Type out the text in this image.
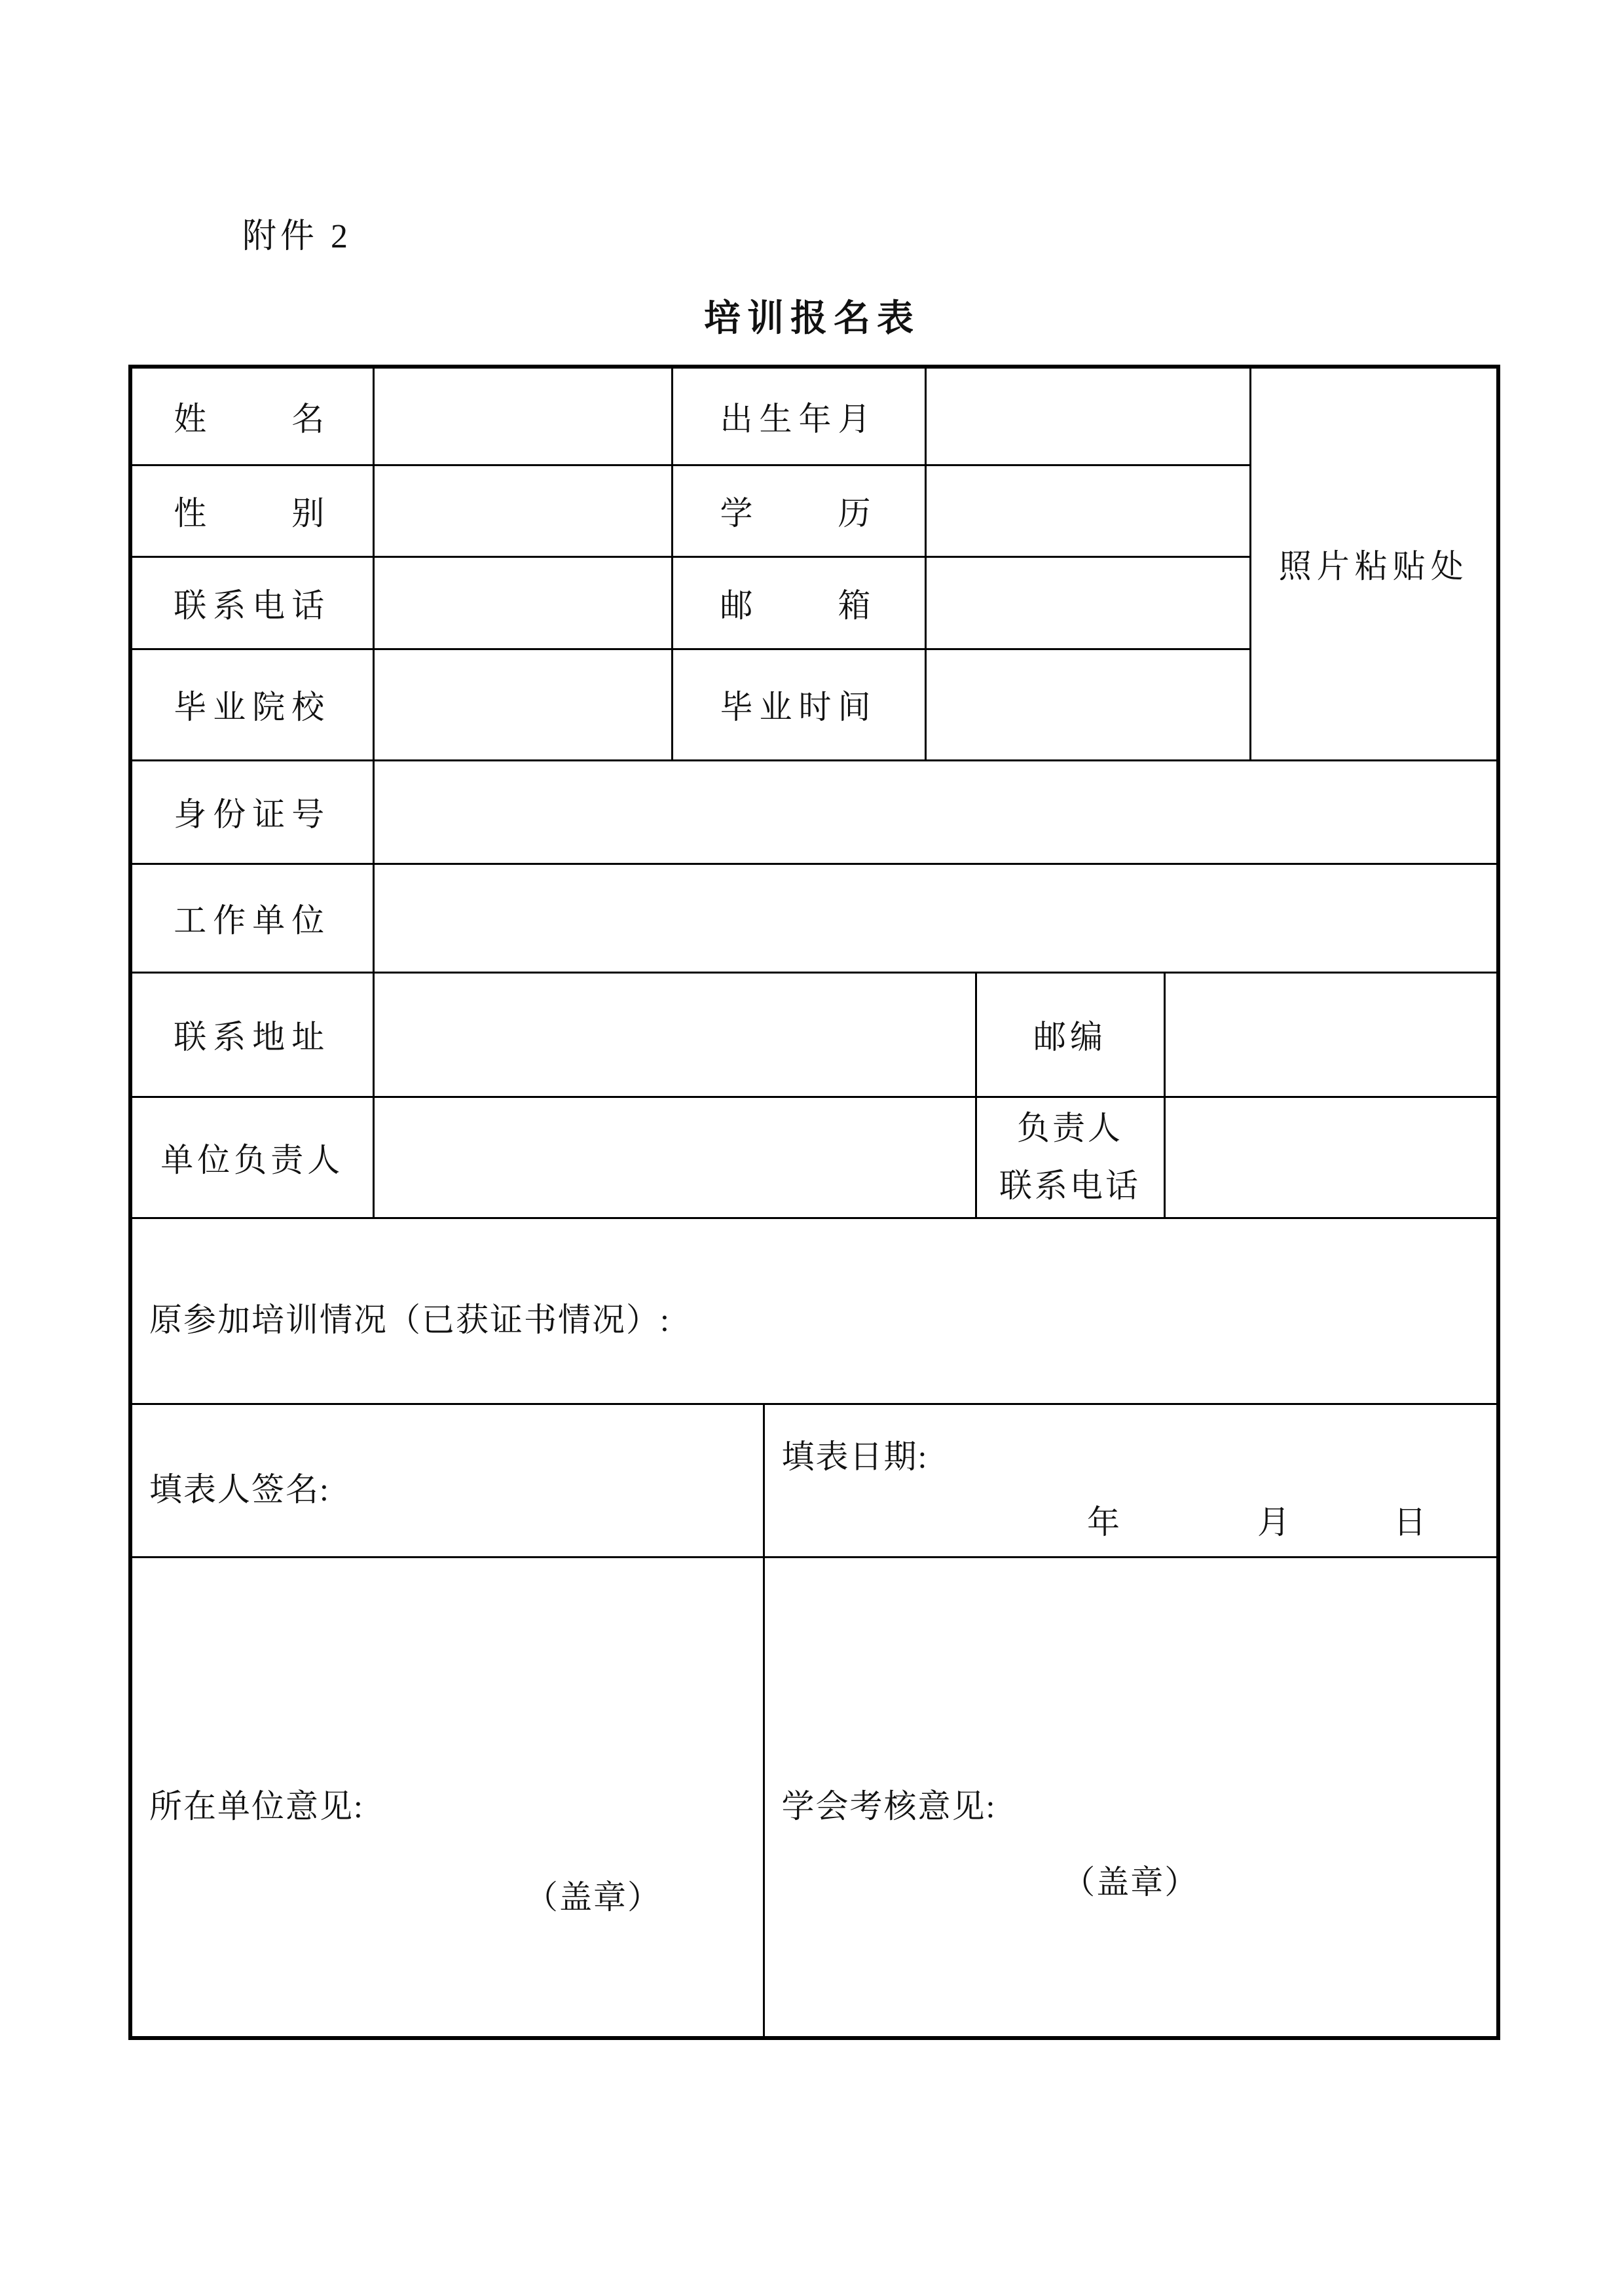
附件 2
培训报名表
姓　　名		出生年月					照片粘贴处
性　　别		学　　历					
联系电话		邮　　箱					
毕业院校		毕业时间					
身份证号							
工作单位							
联系地址					邮编		
单位负责人					负责人
联系电话		

原参加培训情况（已获证书情况）:							

填表人签名:			填表日期:
年　　　　月　　　日				

所在单位意见:
（盖章）

学会考核意见:
（盖章）
